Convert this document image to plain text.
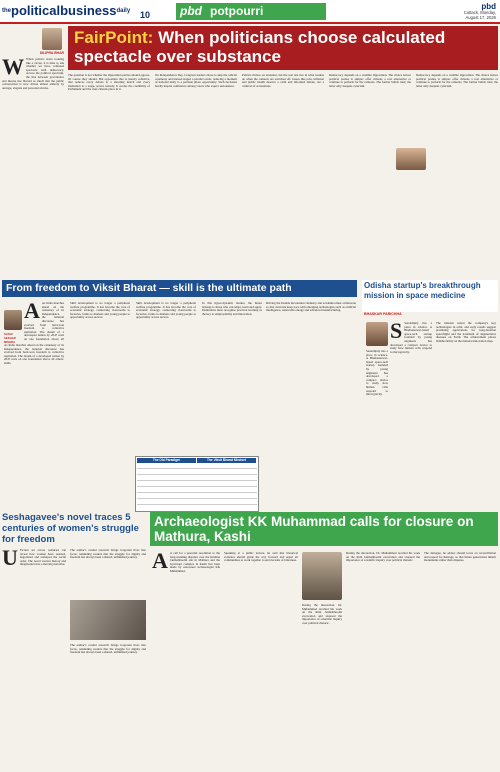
$^{the}$politicalbusiness$^{daily}$	10	pbd potpourri	pbd
Cuttack, Monday,
August 17, 2026
DILIPRA BHAR
W When politics starts looking like a circus, it is time to ask whether we have confused spectacle with democracy. Across the political spectrum, the line between governance and theatre has blurred so much that the public conversation is now driven almost entirely by outrage, slogans and personal attacks.
FairPoint: When politicians choose calculated spectacle over substance
The question is not whether the Opposition parties should oppose. Of course they should. But opposition that is merely reflexive, that reduces every debate to a shouting match and every institution to a stage, serves nobody. It erodes the credibility of Parliament and the trust citizens place in it.
On Independence Day, Congress leaders chose to skip the official ceremony and instead staged a parallel event, reducing a moment of national unity to a partisan photo opportunity. Such decisions hardly inspire confidence among voters who expect seriousness.
Politics thrives on attention, but the real test lies in what leaders do when the cameras are switched off. Issues like jobs, inflation and public health deserve a calm and informed debate, not a carnival of accusations.
Democracy depends on a credible Opposition. The choice before political parties is simple: offer citizens a real alternative or continue to perform for the cameras. The former builds trust; the latter only deepens cynicism.
Democracy depends on a credible Opposition. The choice before political parties is simple: offer citizens a real alternative or continue to perform for the cameras. The former builds trust; the latter only deepens cynicism.
From freedom to Viksit Bharat — skill is the ultimate path
A As India marches ahead on the centenary of its Independence, the national discourse has evolved from hard-won freedom to collective aspiration. The dream of a developed nation by 2047 rests on one foundation above all
SASHI SEKHAR MISHRA
As India marches ahead on the centenary of its Independence, the national discourse has evolved from hard-won freedom to collective aspiration. The dream of a developed nation by 2047 rests on one foundation above all others: skills.
Skill development is no longer a peripheral welfare programme. It has become the core of economic strategy, connecting classrooms to factories, farms to markets and young people to opportunity across sectors.
Skill development is no longer a peripheral welfare programme. It has become the core of economic strategy, connecting classrooms to factories, farms to markets and young people to opportunity across sectors.
In this hyper-dynamic market, the future belongs to those who can adapt, learn and apply. Institutions must recognise practical learning as the key to employability and innovation.
Driving the Double Revolution: Industry and academia must collaborate so that curricula keep pace with emerging technologies such as artificial intelligence, renewable energy and advanced manufacturing.
The Old Paradigm	The Viksit Bharat Mindset
Odisha startup's breakthrough mission in space medicine
BHASKAR PARICHHA
S Serendipity has a place in science. A Bhubaneswar-based space-tech startup founded by young engineers has developed a compact device to study how human cells respond to microgravity.
Serendipity has a place in science. A Bhubaneswar-based space-tech startup founded by young engineers has developed a compact device to study how human cells respond to microgravity.
The mission tested the company's key technologies in orbit, and early results suggest promising applications for long-duration spaceflight and the treatment of degenerative diseases on Earth. The achievement places Odisha firmly on the national innovation map.
Seshagavee's novel traces 5 centuries of women's struggle for freedom
U Fiction set across centuries can reveal how women have resisted, negotiated and reshaped the social order. The novel weaves history and imagination into a moving narrative.
The author's careful research brings forgotten lives into focus, reminding readers that the struggle for dignity and freedom has always been a shared, unfinished journey.
The author's careful research brings forgotten lives into focus, reminding readers that the struggle for dignity and freedom has always been a shared, unfinished journey.
Archaeologist KK Muhammad calls for closure on Mathura, Kashi
A A call for a peaceful resolution to the long-standing disputes over the Krishna Janmabhoomi site in Mathura and the Gyanvapi complex in Kashi has been made by renowned archaeologist KK Muhammad.
Speaking at a public lecture, he said that historical evidence should guide the way forward and urged all communities to work together to end decades of bitterness.
During the interaction, Dr. Muhammad recalled his work on the Ram Janmabhoomi excavation and stressed the importance of scientific inquiry over political rhetoric.
During the interaction, Dr. Muhammad recalled his work on the Ram Janmabhoomi excavation and stressed the importance of scientific inquiry over political rhetoric.
The dialogue, he added, should focus on reconciliation and respect for heritage, so that future generations inherit monuments rather than disputes.
